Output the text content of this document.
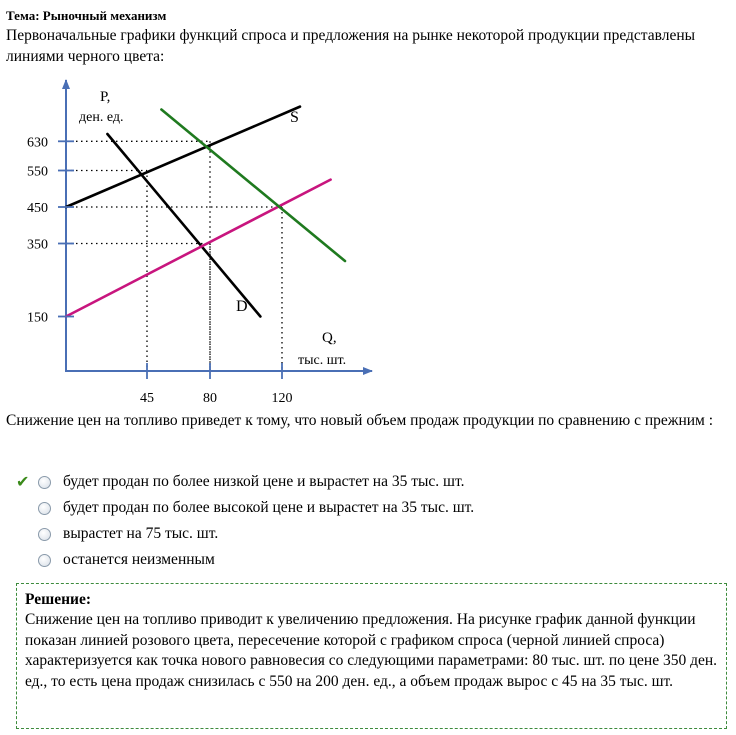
Тема: Рыночный механизм
Первоначальные графики функций спроса и предложения на рынке некоторой продукции представлены линиями черного цвета:
630
550
450
350
150
45	80	120
P,
ден. ед.
Q,
тыс. шт.
S
D
Снижение цен на топливо приведет к тому, что новый объем продаж продукции по сравнению с прежним :
✔	будет продан по более низкой цене и вырастет на 35 тыс. шт.
будет продан по более высокой цене и вырастет на 35 тыс. шт.
вырастет на 75 тыс. шт.
останется неизменным
Решение:
Снижение цен на топливо приводит к увеличению предложения. На рисунке график данной функции показан линией розового цвета, пересечение которой с графиком спроса (черной линией спроса) характеризуется как точка нового равновесия со следующими параметрами: 80 тыс. шт. по цене 350 ден. ед., то есть цена продаж снизилась с 550 на 200 ден. ед., а объем продаж вырос с 45 на 35 тыс. шт.
